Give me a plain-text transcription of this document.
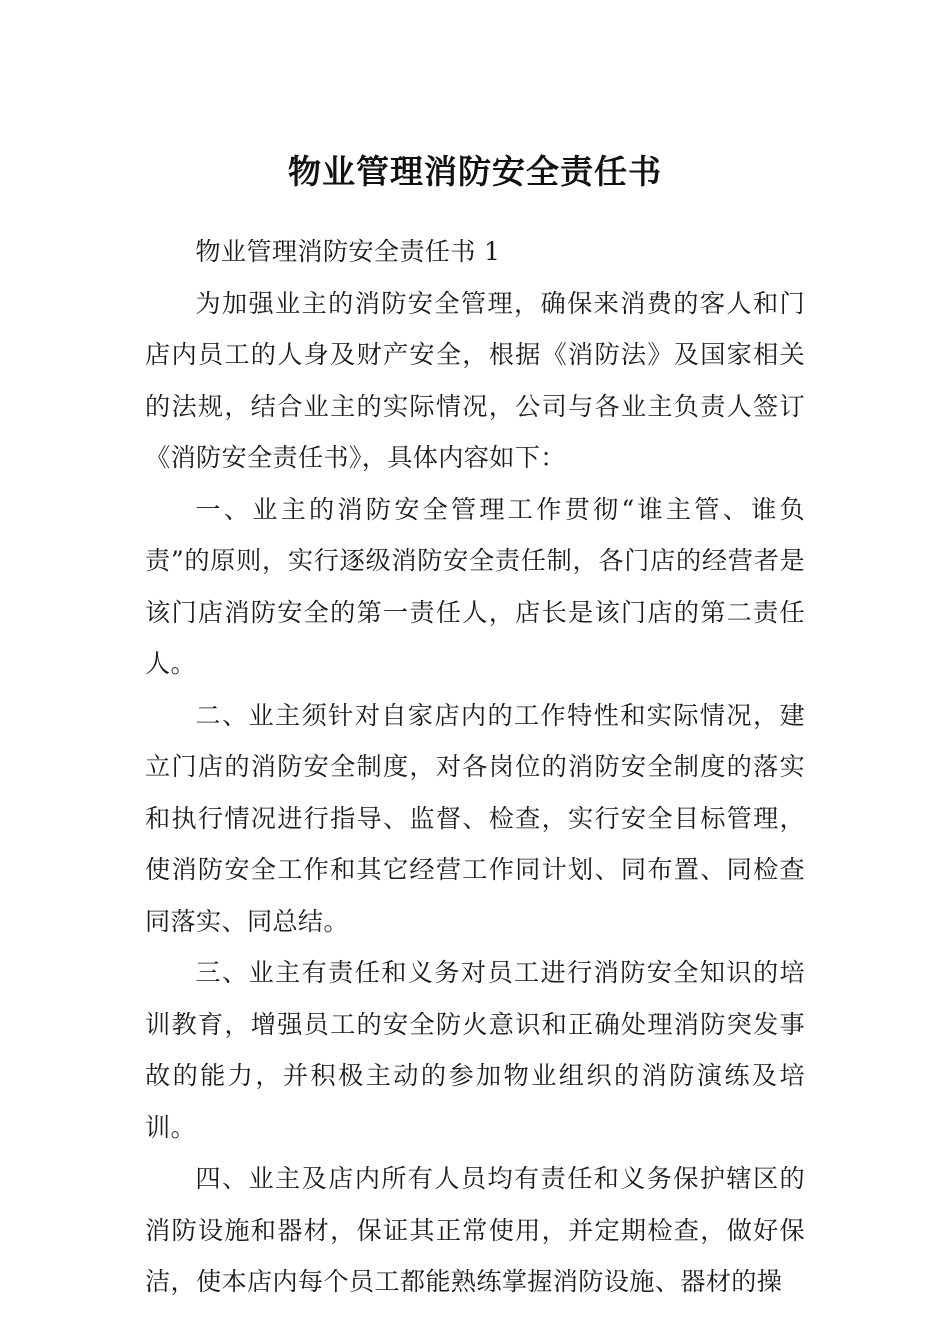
物业管理消防安全责任书

物业管理消防安全责任书 1

为加强业主的消防安全管理，确保来消费的客人和门店内员工的人身及财产安全，根据《消防法》及国家相关的法规，结合业主的实际情况，公司与各业主负责人签订《消防安全责任书》，具体内容如下：

一、业主的消防安全管理工作贯彻“谁主管、谁负责”的原则，实行逐级消防安全责任制，各门店的经营者是该门店消防安全的第一责任人，店长是该门店的第二责任人。

二、业主须针对自家店内的工作特性和实际情况，建立门店的消防安全制度，对各岗位的消防安全制度的落实和执行情况进行指导、监督、检查，实行安全目标管理，使消防安全工作和其它经营工作同计划、同布置、同检查同落实、同总结。

三、业主有责任和义务对员工进行消防安全知识的培训教育，增强员工的安全防火意识和正确处理消防突发事故的能力，并积极主动的参加物业组织的消防演练及培训。

四、业主及店内所有人员均有责任和义务保护辖区的消防设施和器材，保证其正常使用，并定期检查，做好保洁，使本店内每个员工都能熟练掌握消防设施、器材的操
